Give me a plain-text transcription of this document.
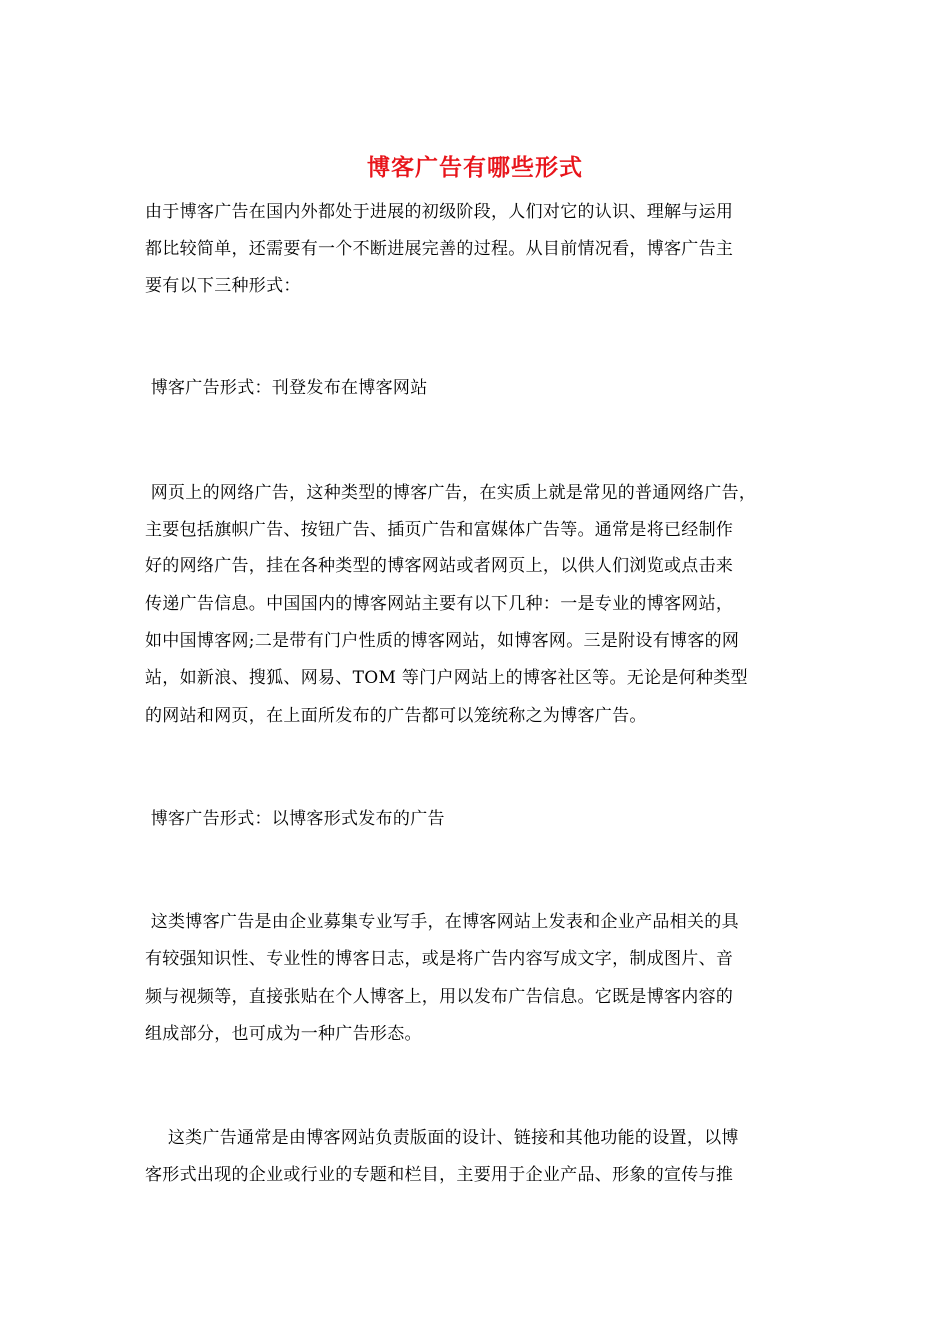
博客广告有哪些形式
由于博客广告在国内外都处于进展的初级阶段，人们对它的认识、理解与运用
都比较简单，还需要有一个不断进展完善的过程。从目前情况看，博客广告主
要有以下三种形式：
博客广告形式：刊登发布在博客网站
网页上的网络广告，这种类型的博客广告，在实质上就是常见的普通网络广告，
主要包括旗帜广告、按钮广告、插页广告和富媒体广告等。通常是将已经制作
好的网络广告，挂在各种类型的博客网站或者网页上，以供人们浏览或点击来
传递广告信息。中国国内的博客网站主要有以下几种：一是专业的博客网站，
如中国博客网;二是带有门户性质的博客网站，如博客网。三是附设有博客的网
站，如新浪、搜狐、网易、TOM 等门户网站上的博客社区等。无论是何种类型
的网站和网页，在上面所发布的广告都可以笼统称之为博客广告。
博客广告形式：以博客形式发布的广告
这类博客广告是由企业募集专业写手，在博客网站上发表和企业产品相关的具
有较强知识性、专业性的博客日志，或是将广告内容写成文字，制成图片、音
频与视频等，直接张贴在个人博客上，用以发布广告信息。它既是博客内容的
组成部分，也可成为一种广告形态。
这类广告通常是由博客网站负责版面的设计、链接和其他功能的设置，以博
客形式出现的企业或行业的专题和栏目，主要用于企业产品、形象的宣传与推
